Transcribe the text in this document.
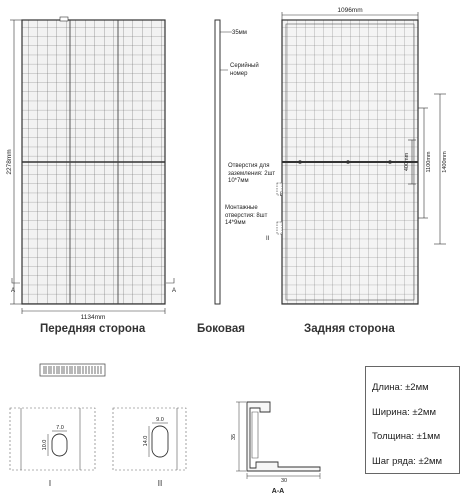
2278mm
1134mm
A	A
35мм
1096mm
400mm	1100mm 1400mm
I
II
7.0
10.0
I
9.0
14.0
II
35
30
A-A
Серийный номер
Отверстия для заземления: 2шт 10*7мм
Монтажные отверстия: 8шт 14*9мм
Передняя сторона	Боковая	Задняя сторона
Длина: ±2мм
Ширина: ±2мм
Толщина: ±1мм
Шаг ряда: ±2мм
